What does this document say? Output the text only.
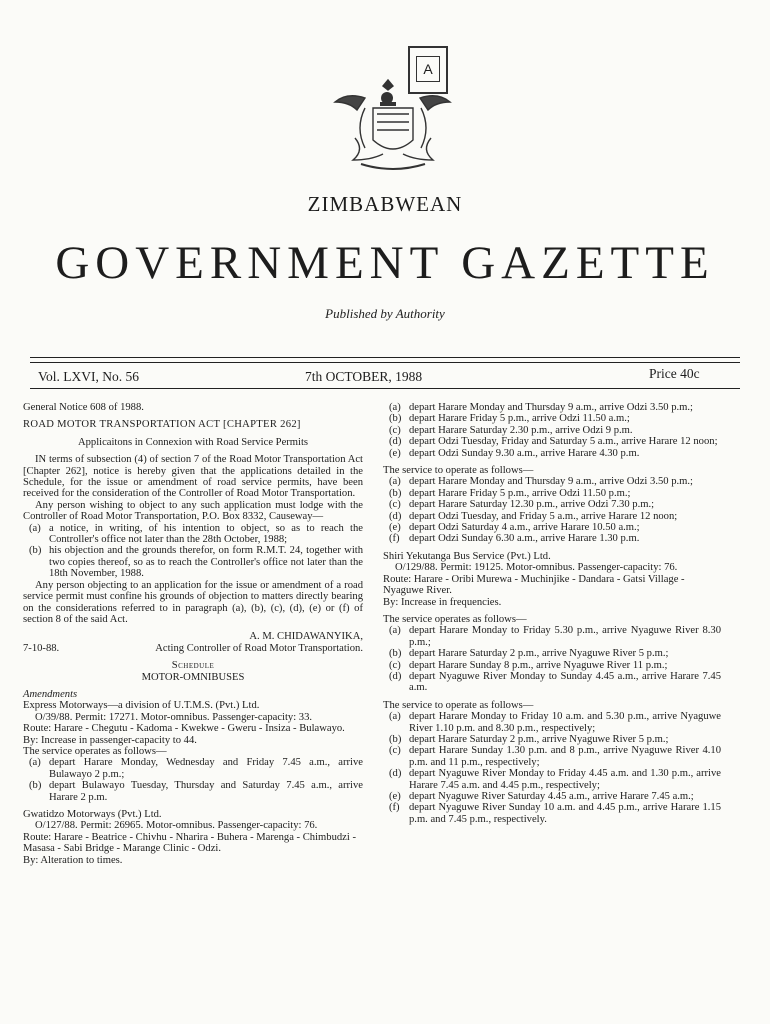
A
ZIMBABWEAN
GOVERNMENT GAZETTE
Published by Authority
Vol. LXVI, No. 56	7th OCTOBER, 1988	Price 40c

General Notice 608 of 1988.

ROAD MOTOR TRANSPORTATION ACT [CHAPTER 262]

Applicaitons in Connexion with Road Service Permits

IN terms of subsection (4) of section 7 of the Road Motor Transportation Act [Chapter 262], notice is hereby given that the applications detailed in the Schedule, for the issue or amendment of road service permits, have been received for the consideration of the Controller of Road Motor Transportation.

Any person wishing to object to any such application must lodge with the Controller of Road Motor Transportation, P.O. Box 8332, Causeway—

(a) a notice, in writing, of his intention to object, so as to reach the Controller's office not later than the 28th October, 1988;
(b) his objection and the grounds therefor, on form R.M.T. 24, together with two copies thereof, so as to reach the Controller's office not later than the 18th November, 1988.

Any person objecting to an application for the issue or amendment of a road service permit must confine his grounds of objection to matters directly bearing on the considerations referred to in paragraph (a), (b), (c), (d), (e) or (f) of section 8 of the said Act.

A. M. CHIDAWANYIKA,

7-10-88.	Acting Controller of Road Motor Transportation.

Schedule

MOTOR-OMNIBUSES

Amendments

Express Motorways—a division of U.T.M.S. (Pvt.) Ltd.

O/39/88. Permit: 17271. Motor-omnibus. Passenger-capacity: 33.

Route: Harare - Chegutu - Kadoma - Kwekwe - Gweru - Insiza - Bulawayo.

By: Increase in passenger-capacity to 44.

The service operates as follows—

(a) depart Harare Monday, Wednesday and Friday 7.45 a.m., arrive Bulawayo 2 p.m.;
(b) depart Bulawayo Tuesday, Thursday and Saturday 7.45 a.m., arrive Harare 2 p.m.

Gwatidzo Motorways (Pvt.) Ltd.

O/127/88. Permit: 26965. Motor-omnibus. Passenger-capacity: 76.

Route: Harare - Beatrice - Chivhu - Nharira - Buhera - Marenga - Chimbudzi - Masasa - Sabi Bridge - Marange Clinic - Odzi.

By: Alteration to times.

(a) depart Harare Monday and Thursday 9 a.m., arrive Odzi 3.50 p.m.;
(b) depart Harare Friday 5 p.m., arrive Odzi 11.50 a.m.;
(c) depart Harare Saturday 2.30 p.m., arrive Odzi 9 p.m.
(d) depart Odzi Tuesday, Friday and Saturday 5 a.m., arrive Harare 12 noon;
(e) depart Odzi Sunday 9.30 a.m., arrive Harare 4.30 p.m.

The service to operate as follows—

(a) depart Harare Monday and Thursday 9 a.m., arrive Odzi 3.50 p.m.;
(b) depart Harare Friday 5 p.m., arrive Odzi 11.50 p.m.;
(c) depart Harare Saturday 12.30 p.m., arrive Odzi 7.30 p.m.;
(d) depart Odzi Tuesday, and Friday 5 a.m., arrive Harare 12 noon;
(e) depart Odzi Saturday 4 a.m., arrive Harare 10.50 a.m.;
(f) depart Odzi Sunday 6.30 a.m., arrive Harare 1.30 p.m.

Shiri Yekutanga Bus Service (Pvt.) Ltd.

O/129/88. Permit: 19125. Motor-omnibus. Passenger-capacity: 76.

Route: Harare - Oribi Murewa - Muchinjike - Dandara - Gatsi Village - Nyaguwe River.

By: Increase in frequencies.

The service operates as follows—

(a) depart Harare Monday to Friday 5.30 p.m., arrive Nyaguwe River 8.30 p.m.;
(b) depart Harare Saturday 2 p.m., arrive Nyaguwe River 5 p.m.;
(c) depart Harare Sunday 8 p.m., arrive Nyaguwe River 11 p.m.;
(d) depart Nyaguwe River Monday to Sunday 4.45 a.m., arrive Harare 7.45 a.m.

The service to operate as follows—

(a) depart Harare Monday to Friday 10 a.m. and 5.30 p.m., arrive Nyaguwe River 1.10 p.m. and 8.30 p.m., respectively;
(b) depart Harare Saturday 2 p.m., arrive Nyaguwe River 5 p.m.;
(c) depart Harare Sunday 1.30 p.m. and 8 p.m., arrive Nyaguwe River 4.10 p.m. and 11 p.m., respectively;
(d) depart Nyaguwe River Monday to Friday 4.45 a.m. and 1.30 p.m., arrive Harare 7.45 a.m. and 4.45 p.m., respectively;
(e) depart Nyaguwe River Saturday 4.45 a.m., arrive Harare 7.45 a.m.;
(f) depart Nyaguwe River Sunday 10 a.m. and 4.45 p.m., arrive Harare 1.15 p.m. and 7.45 p.m., respectively.
